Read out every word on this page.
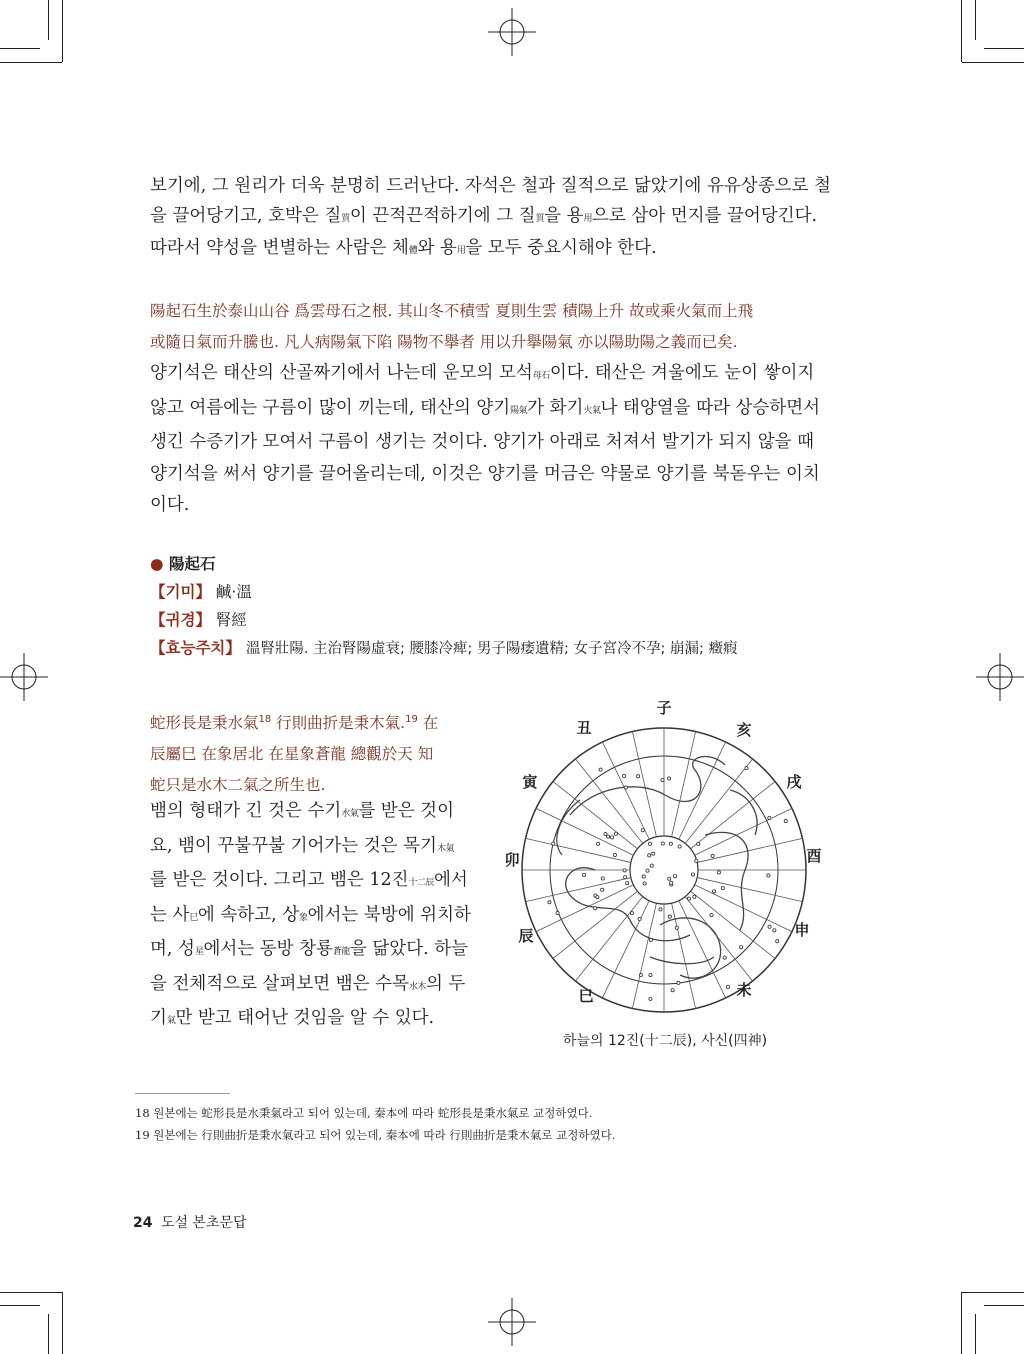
보기에, 그 원리가 더욱 분명히 드러난다. 자석은 철과 질적으로 닮았기에 유유상종으로 철
을 끌어당기고, 호박은 질質이 끈적끈적하기에 그 질質을 용用으로 삼아 먼지를 끌어당긴다.
따라서 약성을 변별하는 사람은 체體와 용用을 모두 중요시해야 한다.
陽起石生於泰山山谷 爲雲母石之根. 其山冬不積雪 夏則生雲 積陽上升 故或乘火氣而上飛
或隨日氣而升騰也. 凡人病陽氣下陷 陽物不擧者 用以升擧陽氣 亦以陽助陽之義而已矣.
양기석은 태산의 산골짜기에서 나는데 운모의 모석母石이다. 태산은 겨울에도 눈이 쌓이지
않고 여름에는 구름이 많이 끼는데, 태산의 양기陽氣가 화기火氣나 태양열을 따라 상승하면서
생긴 수증기가 모여서 구름이 생기는 것이다. 양기가 아래로 처져서 발기가 되지 않을 때
양기석을 써서 양기를 끌어올리는데, 이것은 양기를 머금은 약물로 양기를 북돋우는 이치
이다.
● 陽起石
【기미】 鹹·溫
【귀경】 腎經
【효능주치】 溫腎壯陽. 主治腎陽虛衰; 腰膝冷痺; 男子陽痿遺精; 女子宮冷不孕; 崩漏; 癥瘕
蛇形長是秉水氣$^{18}$ 行則曲折是秉木氣.$^{19}$ 在
辰屬巳 在象居北 在星象蒼龍 總觀於天 知
蛇只是水木二氣之所生也.
뱀의 형태가 긴 것은 수기水氣를 받은 것이
요, 뱀이 꾸불꾸불 기어가는 것은 목기木氣
를 받은 것이다. 그리고 뱀은 12진十二辰에서
는 사巳에 속하고, 상象에서는 북방에 위치하
며, 성星에서는 동방 창룡蒼龍을 닮았다. 하늘
을 전체적으로 살펴보면 뱀은 수목水木의 두
기氣만 받고 태어난 것임을 알 수 있다.
子
丑
寅
卯
辰
巳	未
申
酉
戌
亥
하늘의 12진(十二辰), 사신(四神)
18 원본에는 蛇形長是水秉氣라고 되어 있는데, 秦本에 따라 蛇形長是秉水氣로 교정하였다.
19 원본에는 行則曲折是秉水氣라고 되어 있는데, 秦本에 따라 行則曲折是秉木氣로 교정하였다.
24 도설 본초문답
